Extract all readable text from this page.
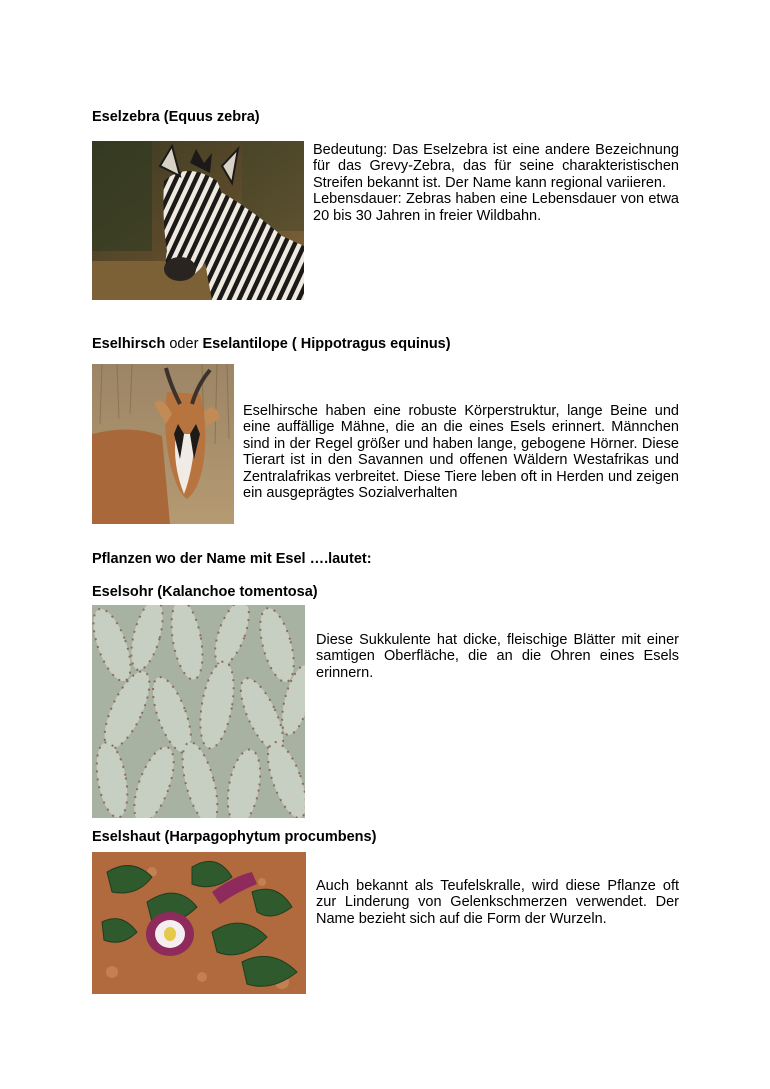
Eselzebra (Equus zebra)
Bedeutung: Das Eselzebra ist eine andere Bezeichnung für das Grevy-Zebra, das für seine charakteristischen Streifen bekannt ist. Der Name kann regional variieren.
Lebensdauer: Zebras haben eine Lebensdauer von etwa 20 bis 30 Jahren in freier Wildbahn.
Eselhirsch oder Eselantilope ( Hippotragus equinus)
Eselhirsche haben eine robuste Körperstruktur, lange Beine und eine auffällige Mähne, die an die eines Esels erinnert. Männchen sind in der Regel größer und haben lange, gebogene Hörner. Diese Tierart ist in den Savannen und offenen Wäldern Westafrikas und Zentralafrikas verbreitet. Diese Tiere leben oft in Herden und zeigen ein ausgeprägtes Sozialverhalten
Pflanzen wo der Name mit Esel ….lautet:
Eselsohr (Kalanchoe tomentosa)
Diese Sukkulente hat dicke, fleischige Blätter mit einer samtigen Oberfläche, die an die Ohren eines Esels erinnern.
Eselshaut (Harpagophytum procumbens)
Auch bekannt als Teufelskralle, wird diese Pflanze oft zur Linderung von Gelenkschmerzen verwendet. Der Name bezieht sich auf die Form der Wurzeln.
